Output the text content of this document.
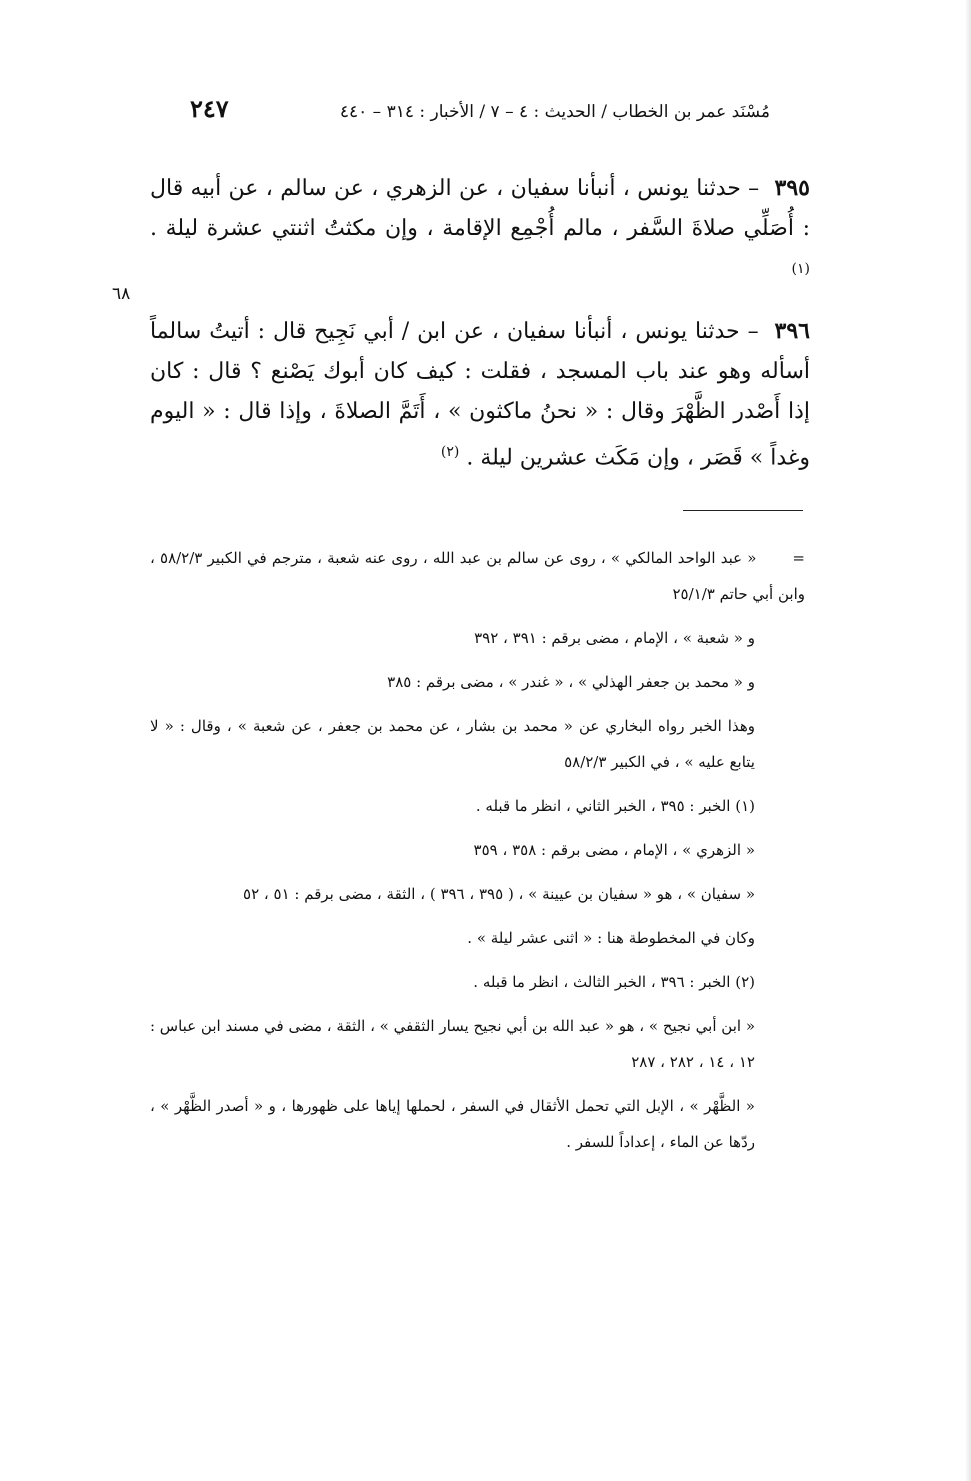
مُسْنَد عمر بن الخطاب / الحديث : ٤ – ٧ / الأخبار : ٣١٤ – ٤٤٠
٢٤٧
٦٨

٣٩٥ – حدثنا يونس ، أنبأنا سفيان ، عن الزهري ، عن سالم ، عن أبيه قال : أُصَلِّي صلاةَ السَّفر ، مالم أُجْمِع الإقامة ، وإن مكثتُ اثنتي عشرة ليلة . $^{(١)}$

٣٩٦ – حدثنا يونس ، أنبأنا سفيان ، عن ابن / أبي نَجِيح قال : أتيتُ سالماً أسأله وهو عند باب المسجد ، فقلت : كيف كان أبوك يَصْنع ؟ قال : كان إذا أَصْدر الظَّهْرَ وقال : « نحنُ ماكثون » ، أَتَمَّ الصلاةَ ، وإذا قال : « اليوم وغداً » قَصَر ، وإن مَكَث عشرين ليلة . $^{(٢)}$

=« عبد الواحد المالكي » ، روى عن سالم بن عبد الله ، روى عنه شعبة ، مترجم في الكبير ٥٨/٢/٣ ، وابن أبي حاتم ٢٥/١/٣

و « شعبة » ، الإمام ، مضى برقم : ٣٩١ ، ٣٩٢

و « محمد بن جعفر الهذلي » ، « غندر » ، مضى برقم : ٣٨٥

وهذا الخبر رواه البخاري عن « محمد بن بشار ، عن محمد بن جعفر ، عن شعبة » ، وقال : « لا يتابع عليه » ، في الكبير ٥٨/٢/٣

(١) الخبر : ٣٩٥ ، الخبر الثاني ، انظر ما قبله .

« الزهري » ، الإمام ، مضى برقم : ٣٥٨ ، ٣٥٩

« سفيان » ، هو « سفيان بن عيينة » ، ( ٣٩٥ ، ٣٩٦ ) ، الثقة ، مضى برقم : ٥١ ، ٥٢

وكان في المخطوطة هنا : « اثنى عشر ليلة » .

(٢) الخبر : ٣٩٦ ، الخبر الثالث ، انظر ما قبله .

« ابن أبي نجيح » ، هو « عبد الله بن أبي نجيح يسار الثقفي » ، الثقة ، مضى في مسند ابن عباس : ١٢ ، ١٤ ، ٢٨٢ ، ٢٨٧

« الظَّهْر » ، الإبل التي تحمل الأثقال في السفر ، لحملها إياها على ظهورها ، و « أصدر الظَّهْر » ، ردّها عن الماء ، إعداداً للسفر .
